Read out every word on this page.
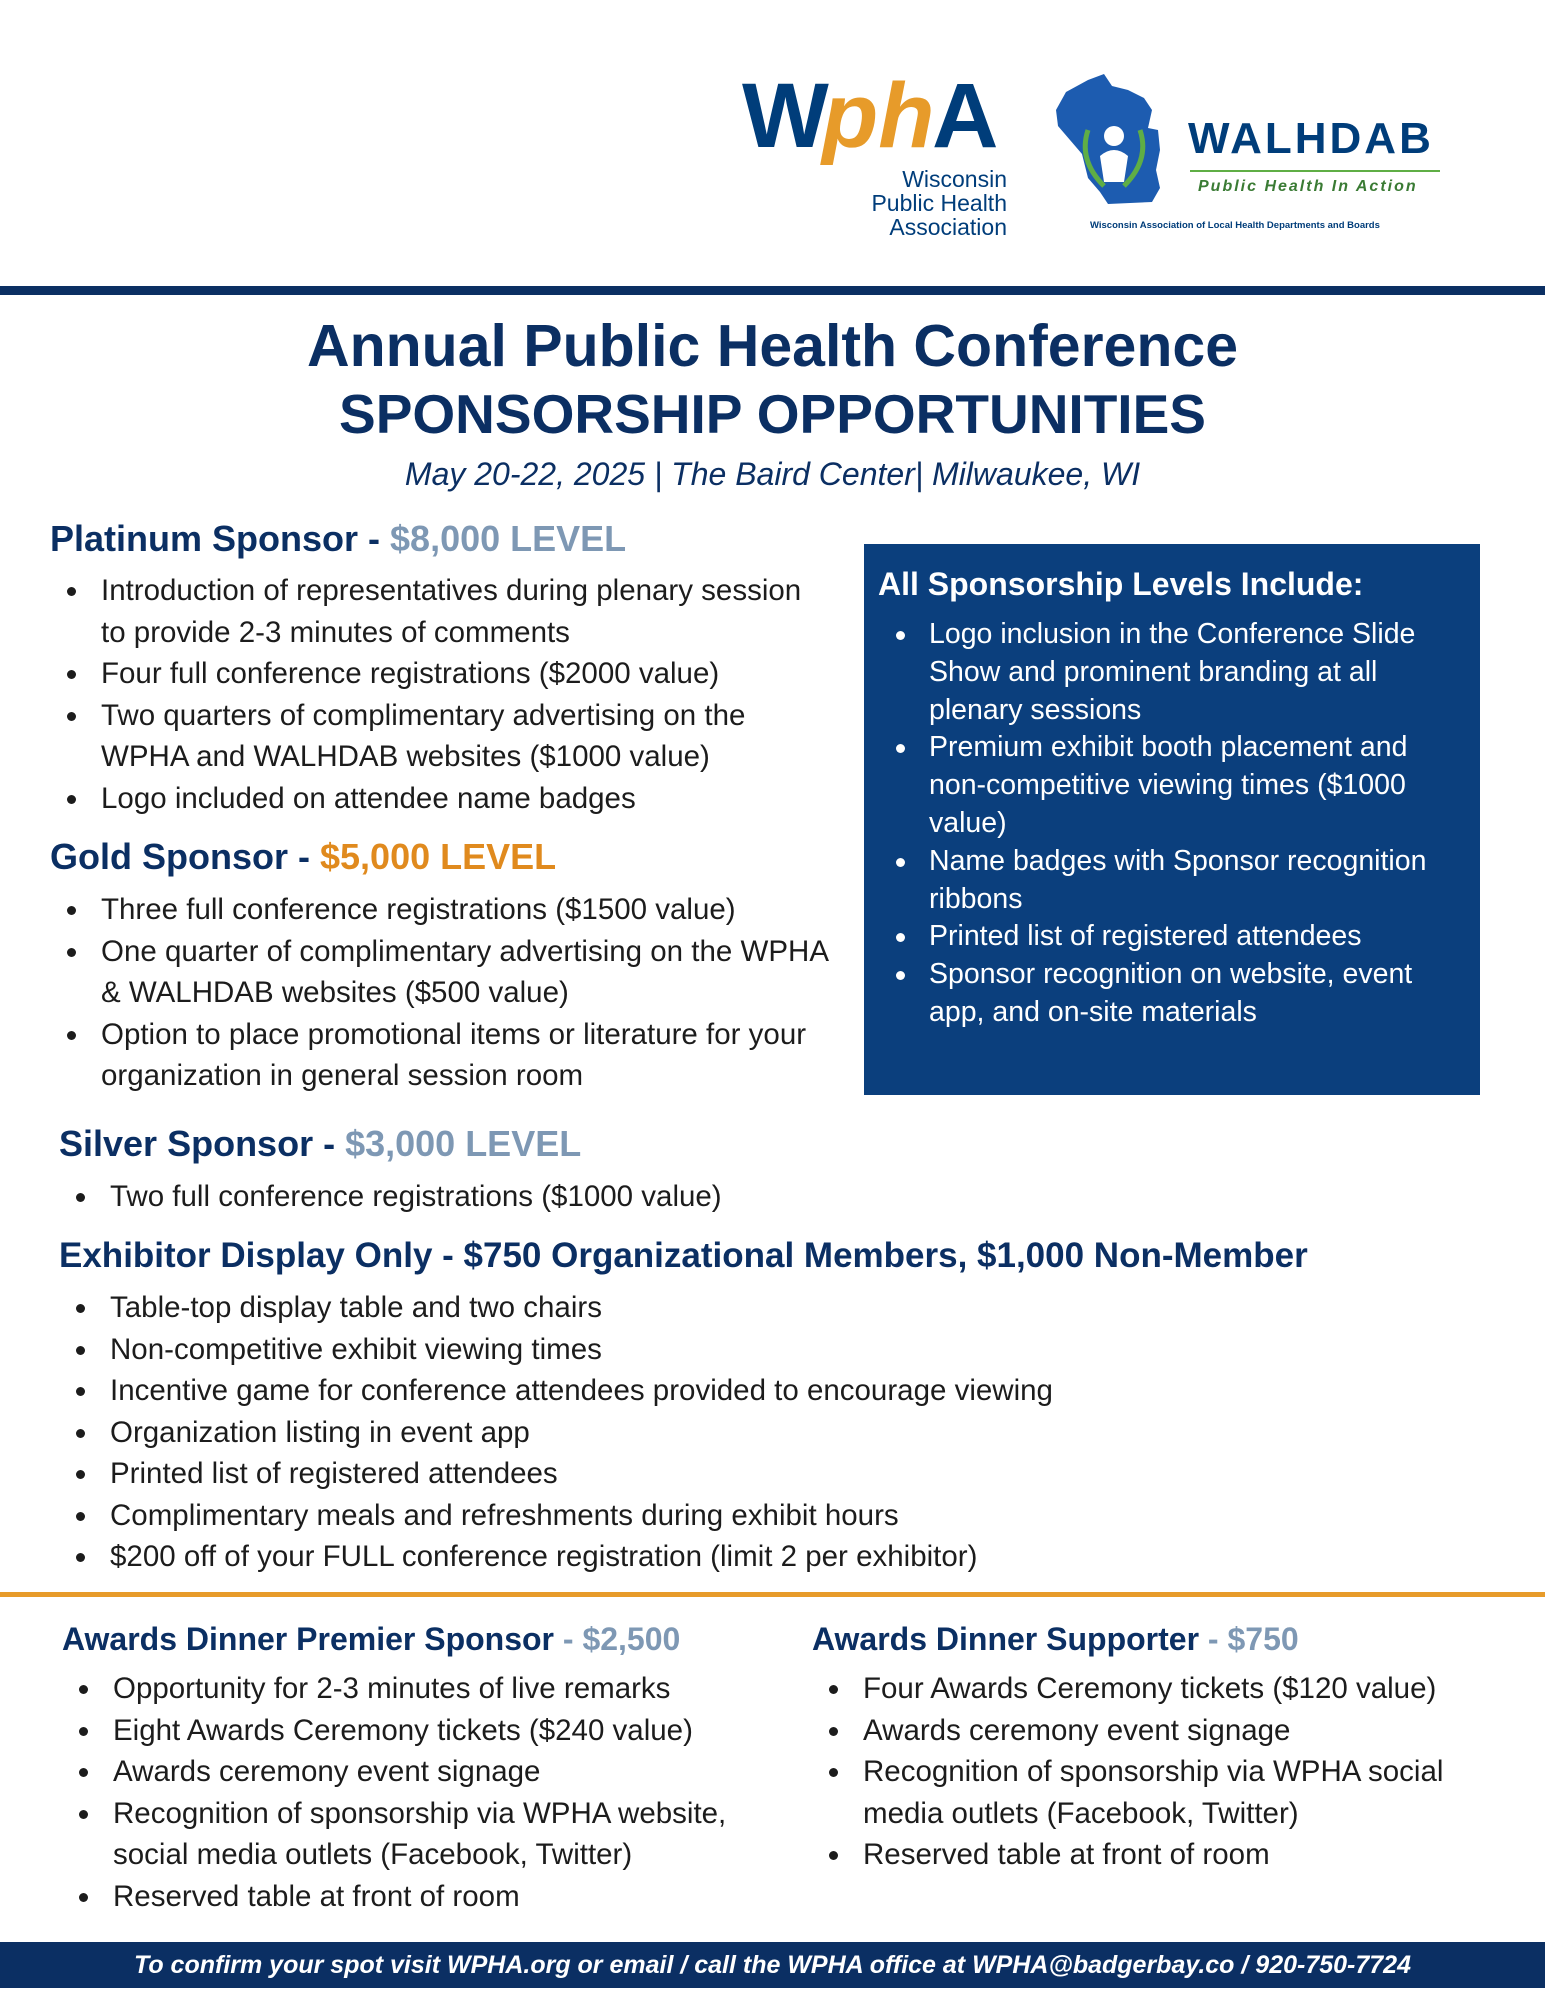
W
ph
A
Wisconsin
Public Health
Association
WALHDAB
Public Health In Action
Wisconsin Association of Local Health Departments and Boards
Annual Public Health Conference
SPONSORSHIP OPPORTUNITIES
May 20-22, 2025 | The Baird Center| Milwaukee, WI
Platinum Sponsor - $8,000 LEVEL
Introduction of representatives during plenary session to provide 2-3 minutes of comments
Four full conference registrations ($2000 value)
Two quarters of complimentary advertising on the WPHA and WALHDAB websites ($1000 value)
Logo included on attendee name badges
Gold Sponsor - $5,000 LEVEL
Three full conference registrations ($1500 value)
One quarter of complimentary advertising on the WPHA & WALHDAB websites ($500 value)
Option to place promotional items or literature for your organization in general session room
All Sponsorship Levels Include:
Logo inclusion in the Conference Slide Show and prominent branding at all plenary sessions
Premium exhibit booth placement and non-competitive viewing times ($1000 value)
Name badges with Sponsor recognition ribbons
Printed list of registered attendees
Sponsor recognition on website, event app, and on-site materials
Silver Sponsor - $3,000 LEVEL
Two full conference registrations ($1000 value)
Exhibitor Display Only - $750 Organizational Members, $1,000 Non-Member
Table-top display table and two chairs
Non-competitive exhibit viewing times
Incentive game for conference attendees provided to encourage viewing
Organization listing in event app
Printed list of registered attendees
Complimentary meals and refreshments during exhibit hours
$200 off of your FULL conference registration (limit 2 per exhibitor)
Awards Dinner Premier Sponsor - $2,500
Opportunity for 2-3 minutes of live remarks
Eight Awards Ceremony tickets ($240 value)
Awards ceremony event signage
Recognition of sponsorship via WPHA website, social media outlets (Facebook, Twitter)
Reserved table at front of room
Awards Dinner Supporter - $750
Four Awards Ceremony tickets ($120 value)
Awards ceremony event signage
Recognition of sponsorship via WPHA social media outlets (Facebook, Twitter)
Reserved table at front of room
To confirm your spot visit WPHA.org or email / call the WPHA office at WPHA@badgerbay.co / 920-750-7724
